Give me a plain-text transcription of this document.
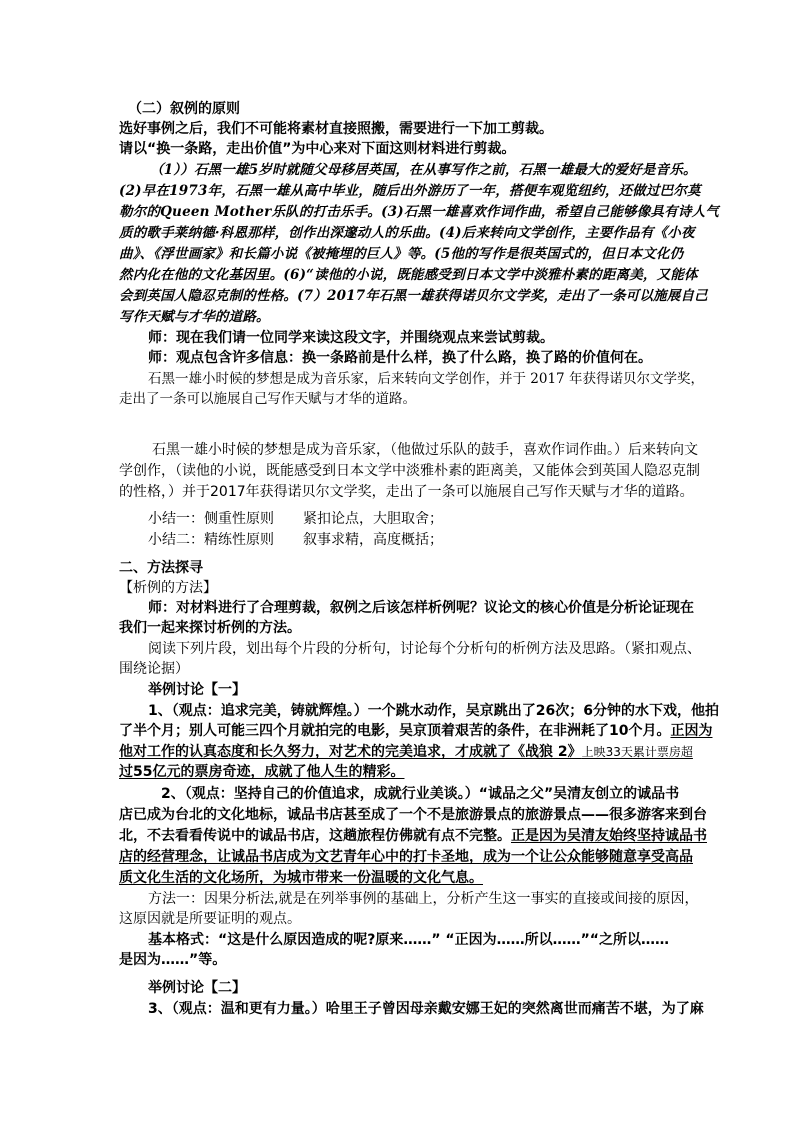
（二）叙例的原则
选好事例之后，我们不可能将素材直接照搬，需要进行一下加工剪裁。
请以“换一条路，走出价值”为中心来对下面这则材料进行剪裁。
（1））石黑一雄5岁时就随父母移居英国，在从事写作之前，石黑一雄最大的爱好是音乐。
(2)早在1973年，石黑一雄从高中毕业，随后出外游历了一年，搭便车观览纽约，还做过巴尔莫
勒尔的Queen Mother乐队的打击乐手。(3)石黑一雄喜欢作词作曲，希望自己能够像具有诗人气
质的歌手莱纳德·科恩那样，创作出深邃动人的乐曲。(4)后来转向文学创作，主要作品有《小夜
曲》、《浮世画家》和长篇小说《被掩埋的巨人》等。(5他的写作是很英国式的，但日本文化仍
然内化在他的文化基因里。(6)“读他的小说，既能感受到日本文学中淡雅朴素的距离美，又能体
会到英国人隐忍克制的性格。(7）2017年石黑一雄获得诺贝尔文学奖，走出了一条可以施展自己
写作天赋与才华的道路。
师：现在我们请一位同学来读这段文字，并围绕观点来尝试剪裁。
师：观点包含许多信息：换一条路前是什么样，换了什么路，换了路的价值何在。
石黑一雄小时候的梦想是成为音乐家，后来转向文学创作，并于 2017 年获得诺贝尔文学奖，
走出了一条可以施展自己写作天赋与才华的道路。
石黑一雄小时候的梦想是成为音乐家，（他做过乐队的鼓手，喜欢作词作曲。）后来转向文
学创作，（读他的小说，既能感受到日本文学中淡雅朴素的距离美，又能体会到英国人隐忍克制
的性格，）并于2017年获得诺贝尔文学奖，走出了一条可以施展自己写作天赋与才华的道路。
小结一：侧重性原则 紧扣论点，大胆取舍；
小结二：精练性原则 叙事求精，高度概括；
二、方法探寻
【析例的方法】
师：对材料进行了合理剪裁，叙例之后该怎样析例呢？议论文的核心价值是分析论证现在
我们一起来探讨析例的方法。
阅读下列片段，划出每个片段的分析句，讨论每个分析句的析例方法及思路。（紧扣观点、
围绕论据）
举例讨论【一】
1、（观点：追求完美，铸就辉煌。）一个跳水动作，吴京跳出了26次；6分钟的水下戏，他拍
了半个月；别人可能三四个月就拍完的电影，吴京顶着艰苦的条件，在非洲耗了10个月。正因为
他对工作的认真态度和长久努力，对艺术的完美追求，才成就了《战狼 2》上映33天累计票房超
过55亿元的票房奇迹，成就了他人生的精彩。
2、（观点：坚持自己的价值追求，成就行业美谈。）“诚品之父”吴清友创立的诚品书
店已成为台北的文化地标，诚品书店甚至成了一个不是旅游景点的旅游景点——很多游客来到台
北，不去看看传说中的诚品书店，这趟旅程仿佛就有点不完整。正是因为吴清友始终坚持诚品书
店的经营理念，让诚品书店成为文艺青年心中的打卡圣地，成为一个让公众能够随意享受高品
质文化生活的文化场所，为城市带来一份温暖的文化气息。
方法一：因果分析法,就是在列举事例的基础上，分析产生这一事实的直接或间接的原因，
这原因就是所要证明的观点。
基本格式：“这是什么原因造成的呢?原来……” “正因为……所以……”“之所以……
是因为……”等。
举例讨论【二】
3、（观点：温和更有力量。）哈里王子曾因母亲戴安娜王妃的突然离世而痛苦不堪，为了麻
